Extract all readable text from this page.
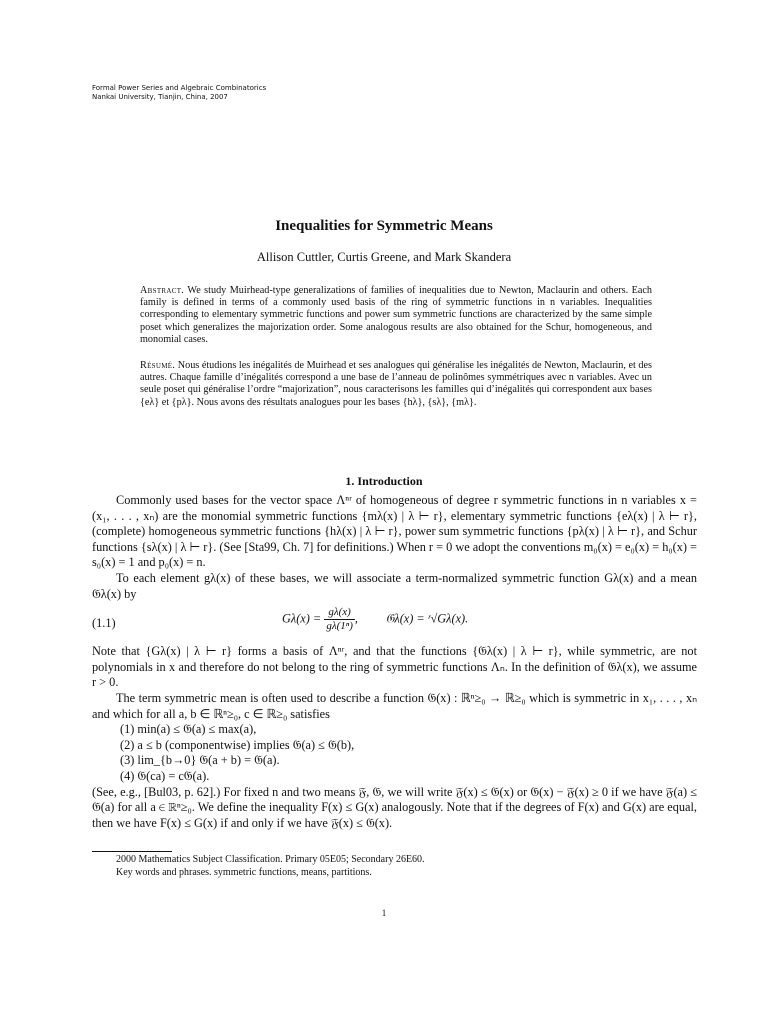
Formal Power Series and Algebraic Combinatorics
Nankai University, Tianjin, China, 2007
Inequalities for Symmetric Means
Allison Cuttler, Curtis Greene, and Mark Skandera
Abstract. We study Muirhead-type generalizations of families of inequalities due to Newton, Maclaurin and others. Each family is defined in terms of a commonly used basis of the ring of symmetric functions in n variables. Inequalities corresponding to elementary symmetric functions and power sum symmetric functions are characterized by the same simple poset which generalizes the majorization order. Some analogous results are also obtained for the Schur, homogeneous, and monomial cases.
Résumé. Nous étudions les inégalités de Muirhead et ses analogues qui généralise les inégalités de Newton, Maclaurin, et des autres. Chaque famille d’inégalités correspond a une base de l’anneau de polinômes symmétriques avec n variables. Avec un seule poset qui généralise l’ordre “majorization”, nous caracterisons les familles qui d’inégalités qui correspondent aux bases {eλ} et {pλ}. Nous avons des résultats analogues pour les bases {hλ}, {sλ}, {mλ}.
1. Introduction

Commonly used bases for the vector space Λⁿʳ of homogeneous of degree r symmetric functions in n variables x = (x₁, . . . , xₙ) are the monomial symmetric functions {mλ(x) | λ ⊢ r}, elementary symmetric functions {eλ(x) | λ ⊢ r}, (complete) homogeneous symmetric functions {hλ(x) | λ ⊢ r}, power sum symmetric functions {pλ(x) | λ ⊢ r}, and Schur functions {sλ(x) | λ ⊢ r}. (See [Sta99, Ch. 7] for definitions.) When r = 0 we adopt the conventions m₀(x) = e₀(x) = h₀(x) = s₀(x) = 1 and p₀(x) = n.

To each element gλ(x) of these bases, we will associate a term-normalized symmetric function Gλ(x) and a mean 𝔊λ(x) by

(1.1)	$G\lambda(x) = \frac{g\lambda(x)}{\text{gλ(1ⁿ)}}$ , 𝔊λ(x) = ʳ√Gλ(x).

Note that {Gλ(x) | λ ⊢ r} forms a basis of Λⁿʳ, and that the functions {𝔊λ(x) | λ ⊢ r}, while symmetric, are not polynomials in x and therefore do not belong to the ring of symmetric functions Λₙ. In the definition of 𝔊λ(x), we assume r > 0.

The term symmetric mean is often used to describe a function 𝔊(x) : ℝⁿ≥₀ → ℝ≥₀ which is symmetric in x₁, . . . , xₙ and which for all a, b ∈ ℝⁿ≥₀, c ∈ ℝ≥₀ satisfies

(1) min(a) ≤ 𝔊(a) ≤ max(a),
(2) a ≤ b (componentwise) implies 𝔊(a) ≤ 𝔊(b),
(3) lim_{b→0} 𝔊(a + b) = 𝔊(a).
(4) 𝔊(ca) = c𝔊(a).

(See, e.g., [Bul03, p. 62].) For fixed n and two means 𝔉, 𝔊, we will write 𝔉(x) ≤ 𝔊(x) or 𝔊(x) − 𝔉(x) ≥ 0 if we have 𝔉(a) ≤ 𝔊(a) for all a ∈ ℝⁿ≥₀. We define the inequality F(x) ≤ G(x) analogously. Note that if the degrees of F(x) and G(x) are equal, then we have F(x) ≤ G(x) if and only if we have 𝔉(x) ≤ 𝔊(x).

2000 Mathematics Subject Classification. Primary 05E05; Secondary 26E60.
Key words and phrases. symmetric functions, means, partitions.
1
